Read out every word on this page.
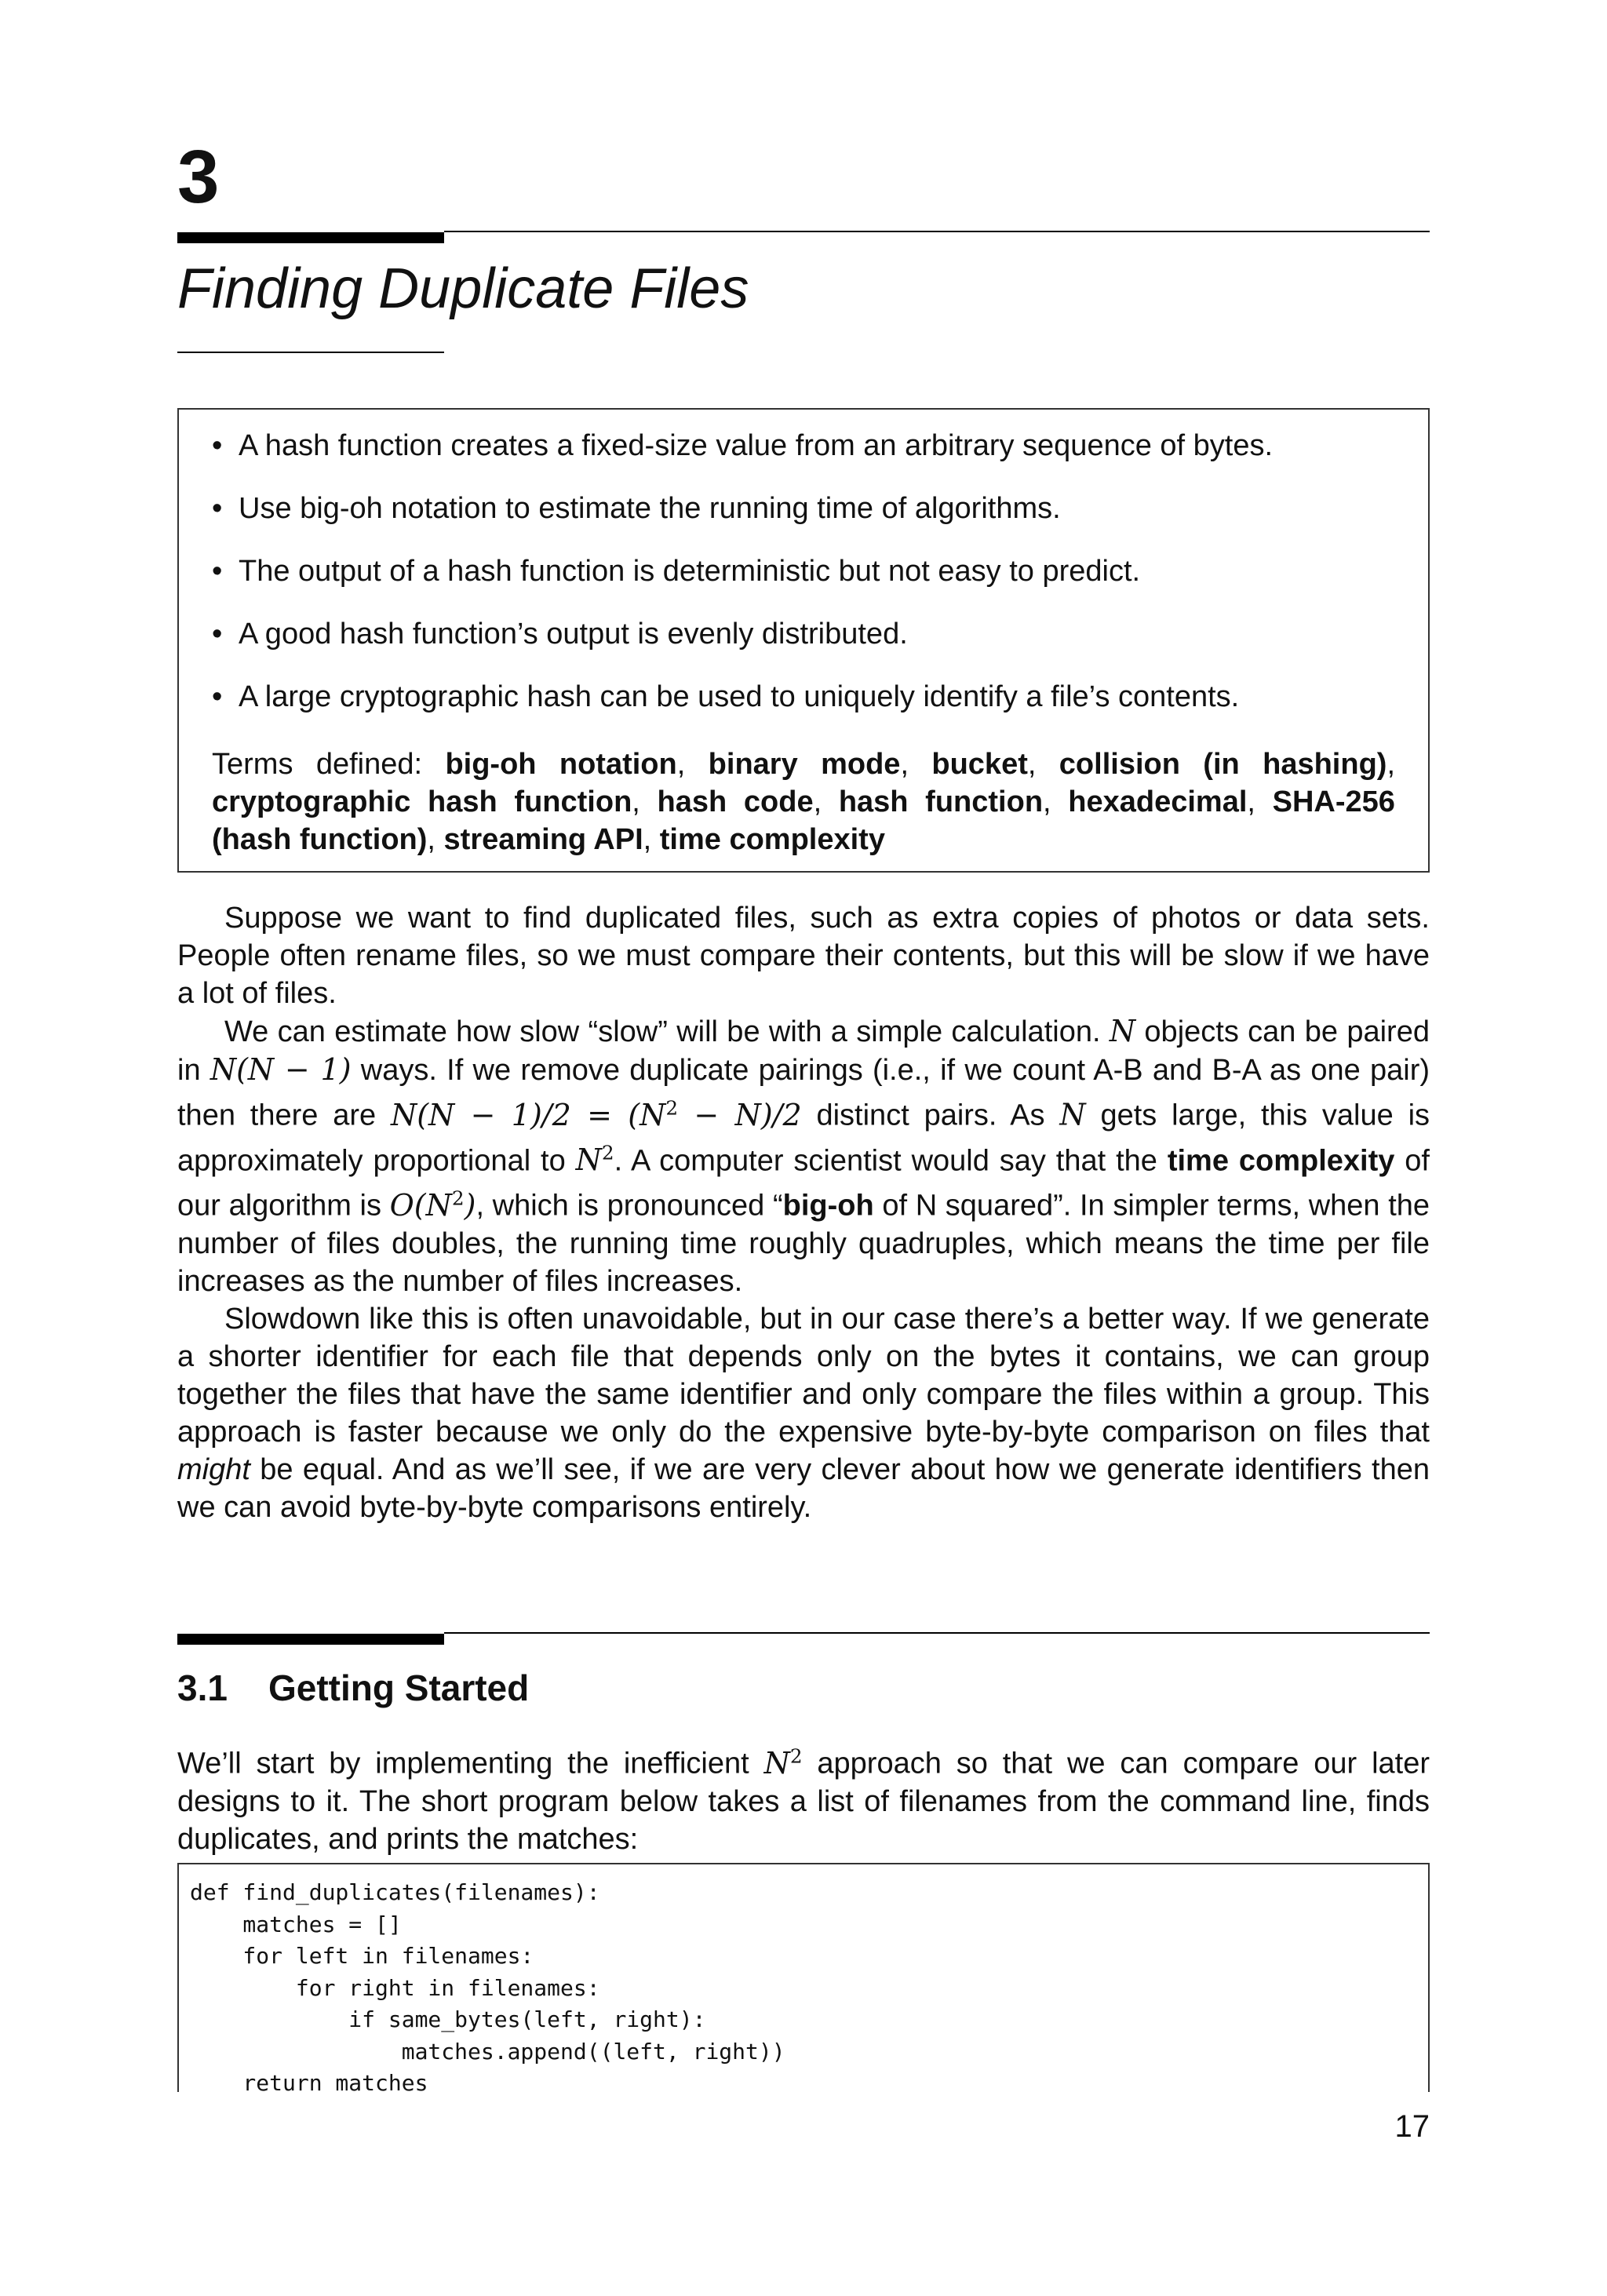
3
Finding Duplicate Files
• A hash function creates a fixed-size value from an arbitrary sequence of bytes.
• Use big-oh notation to estimate the running time of algorithms.
• The output of a hash function is deterministic but not easy to predict.
• A good hash function’s output is evenly distributed.
• A large cryptographic hash can be used to uniquely identify a file’s contents.
Terms defined: big-oh notation, binary mode, bucket, collision (in hashing), cryptographic hash function, hash code, hash function, hexadecimal, SHA-256 (hash function), streaming API, time complexity

Suppose we want to find duplicated files, such as extra copies of photos or data sets. People often rename files, so we must compare their contents, but this will be slow if we have a lot of files.

We can estimate how slow “slow” will be with a simple calculation. N objects can be paired in N(N − 1) ways. If we remove duplicate pairings (i.e., if we count A-B and B-A as one pair) then there are $N(N - 1)/2 = (N^2 - N)/2$ distinct pairs. As N gets large, this value is approximately proportional to $N^2$. A computer scientist would say that the time complexity of our algorithm is $O(N^2)$, which is pronounced “big-oh of N squared”. In simpler terms, when the number of files doubles, the running time roughly quadruples, which means the time per file increases as the number of files increases.

Slowdown like this is often unavoidable, but in our case there’s a better way. If we generate a shorter identifier for each file that depends only on the bytes it contains, we can group together the files that have the same identifier and only compare the files within a group. This approach is faster because we only do the expensive byte-by-byte comparison on files that might be equal. And as we’ll see, if we are very clever about how we generate identifiers then we can avoid byte-by-byte comparisons entirely.

3.1 Getting Started

We’ll start by implementing the inefficient $N^2$ approach so that we can compare our later designs to it. The short program below takes a list of filenames from the command line, finds duplicates, and prints the matches:

def find_duplicates(filenames):
matches = []
for left in filenames:
for right in filenames:
if same_bytes(left, right):
matches.append((left, right))
return matches
17
